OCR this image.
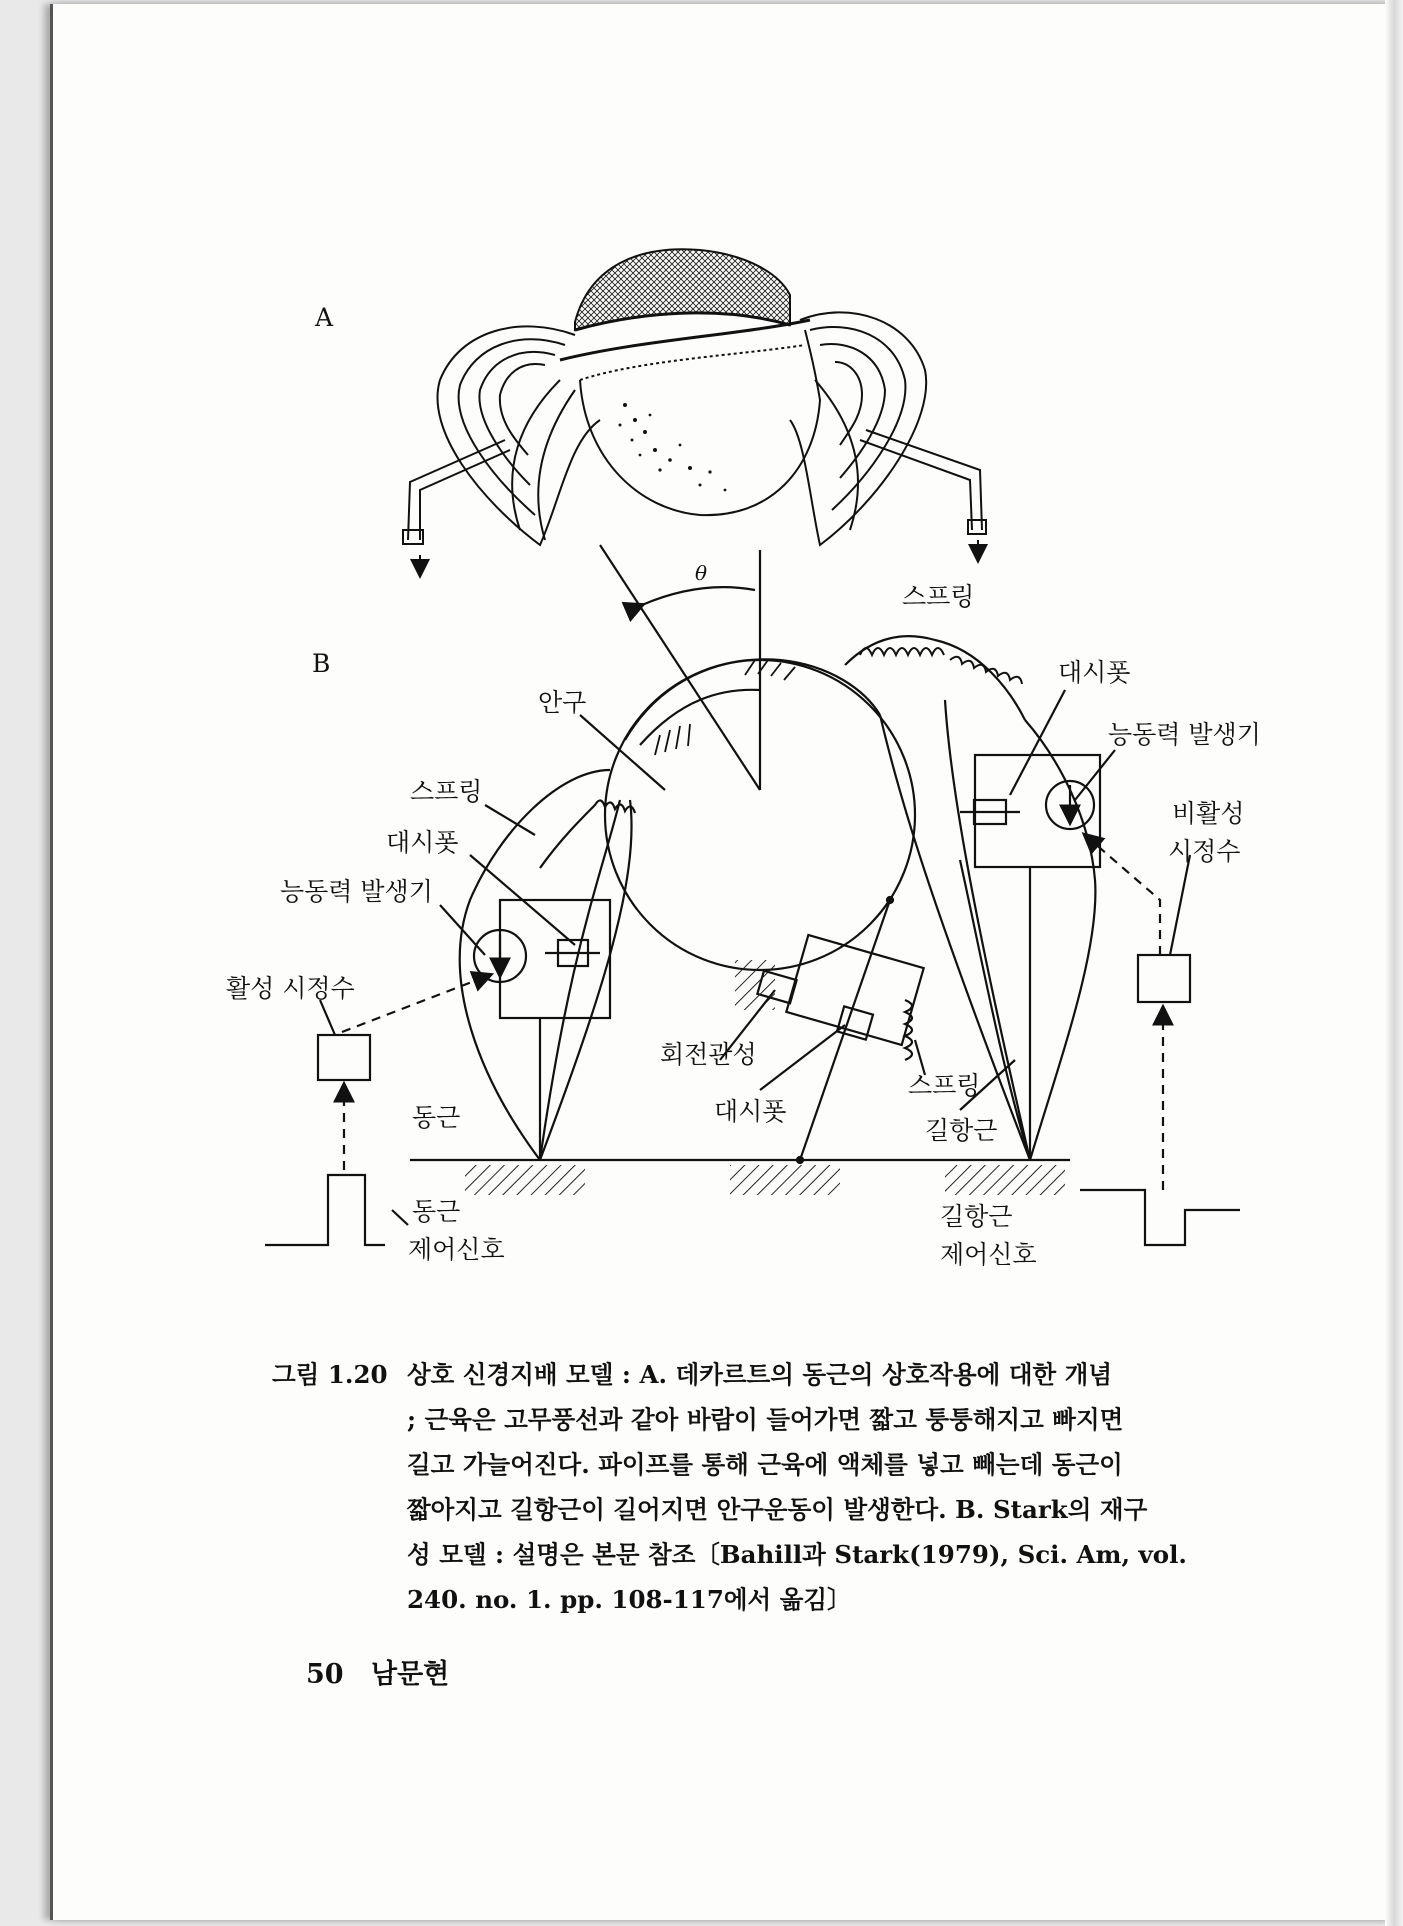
A
B
θ
안구
스프링
스프링
대시폿
능동력 발생기
활성 시정수
동근
동근
제어신호
회전관성
대시폿
스프링
길항근
길항근
제어신호
대시폿
능동력 발생기
비활성
시정수
그림 1.20 상호 신경지배 모델 : A. 데카르트의 동근의 상호작용에 대한 개념
; 근육은 고무풍선과 같아 바람이 들어가면 짧고 퉁퉁해지고 빠지면
길고 가늘어진다. 파이프를 통해 근육에 액체를 넣고 빼는데 동근이
짧아지고 길항근이 길어지면 안구운동이 발생한다. B. Stark의 재구
성 모델 : 설명은 본문 참조〔Bahill과 Stark(1979), Sci. Am, vol.
240. no. 1. pp. 108-117에서 옮김〕
50 남문현
